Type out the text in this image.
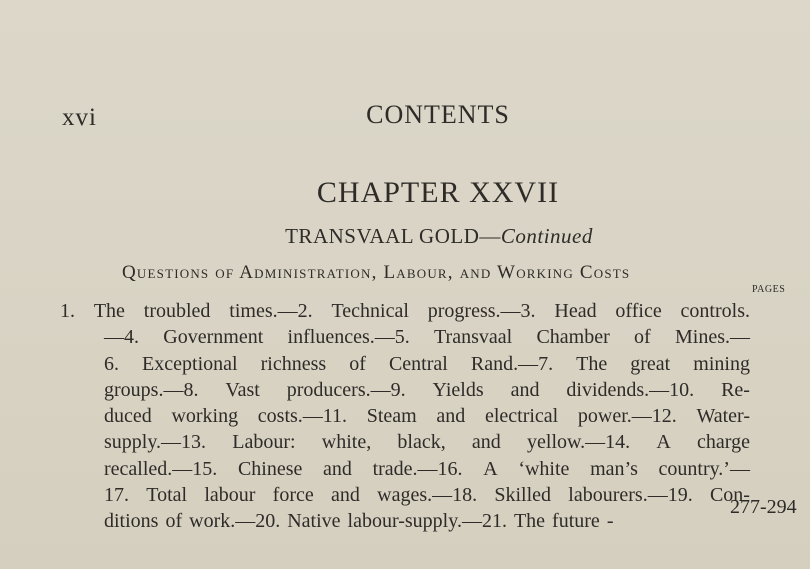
xvi	CONTENTS
CHAPTER XXVII
TRANSVAAL GOLD—Continued
Questions of Administration, Labour, and Working Costs
PAGES
1. The troubled times.—2. Technical progress.—3. Head office controls.
—4. Government influences.—5. Transvaal Chamber of Mines.—
6. Exceptional richness of Central Rand.—7. The great mining
groups.—8. Vast producers.—9. Yields and dividends.—10. Re-
duced working costs.—11. Steam and electrical power.—12. Water-
supply.—13. Labour: white, black, and yellow.—14. A charge
recalled.—15. Chinese and trade.—16. A ‘white man’s country.’—
17. Total labour force and wages.—18. Skilled labourers.—19. Con-
ditions of work.—20. Native labour-supply.—21. The future -
277-294
